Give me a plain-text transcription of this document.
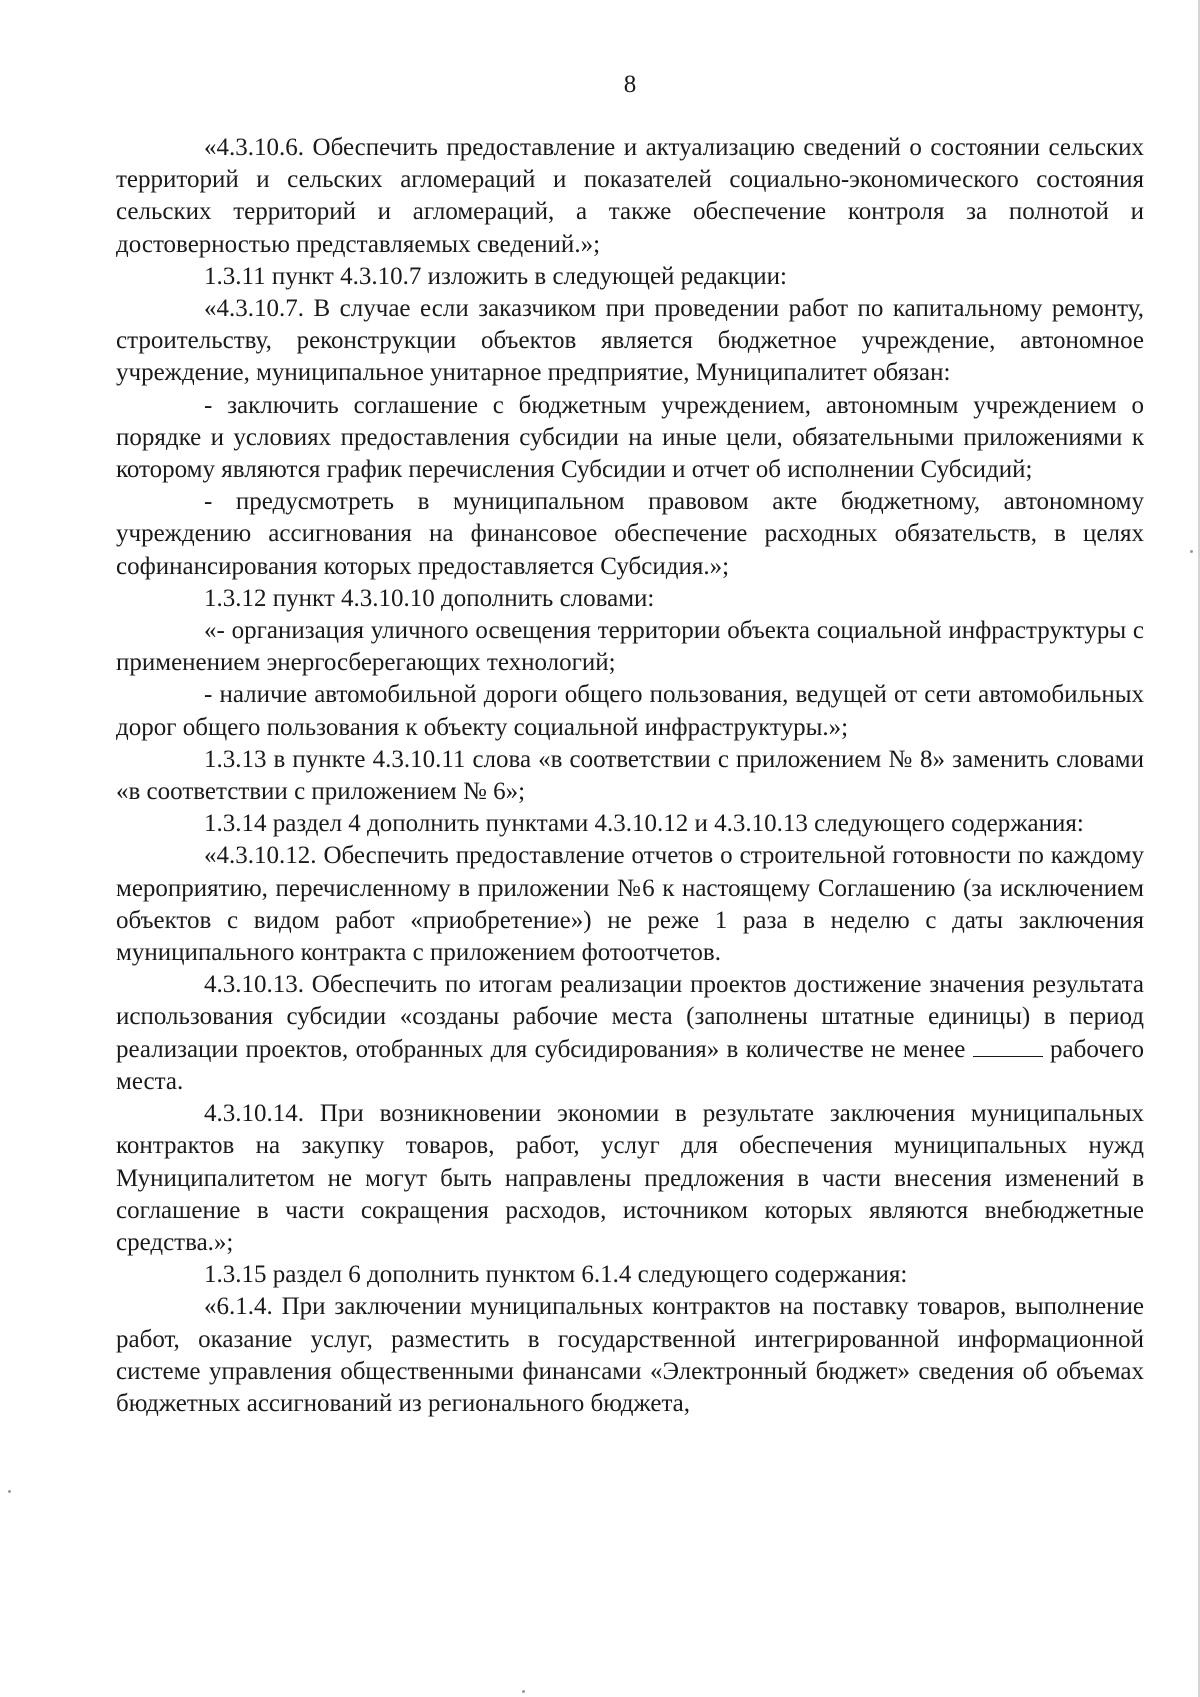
8

«4.3.10.6. Обеспечить предоставление и актуализацию сведений о состоянии сельских территорий и сельских агломераций и показателей социально-экономического состояния сельских территорий и агломераций, а также обеспечение контроля за полнотой и достоверностью представляемых сведений.»;

1.3.11 пункт 4.3.10.7 изложить в следующей редакции:

«4.3.10.7. В случае если заказчиком при проведении работ по капитальному ремонту, строительству, реконструкции объектов является бюджетное учреждение, автономное учреждение, муниципальное унитарное предприятие, Муниципалитет обязан:

- заключить соглашение с бюджетным учреждением, автономным учреждением о порядке и условиях предоставления субсидии на иные цели, обязательными приложениями к которому являются график перечисления Субсидии и отчет об исполнении Субсидий;

- предусмотреть в муниципальном правовом акте бюджетному, автономному учреждению ассигнования на финансовое обеспечение расходных обязательств, в целях софинансирования которых предоставляется Субсидия.»;

1.3.12 пункт 4.3.10.10 дополнить словами:

«- организация уличного освещения территории объекта социальной инфраструктуры с применением энергосберегающих технологий;

- наличие автомобильной дороги общего пользования, ведущей от сети автомобильных дорог общего пользования к объекту социальной инфраструктуры.»;

1.3.13 в пункте 4.3.10.11 слова «в соответствии с приложением № 8» заменить словами «в соответствии с приложением № 6»;

1.3.14 раздел 4 дополнить пунктами 4.3.10.12 и 4.3.10.13 следующего содержания:

«4.3.10.12. Обеспечить предоставление отчетов о строительной готовности по каждому мероприятию, перечисленному в приложении №6 к настоящему Соглашению (за исключением объектов с видом работ «приобретение») не реже 1 раза в неделю с даты заключения муниципального контракта с приложением фотоотчетов.

4.3.10.13. Обеспечить по итогам реализации проектов достижение значения результата использования субсидии «созданы рабочие места (заполнены штатные единицы) в период реализации проектов, отобранных для субсидирования» в количестве не менее	рабочего места.

4.3.10.14. При возникновении экономии в результате заключения муниципальных контрактов на закупку товаров, работ, услуг для обеспечения муниципальных нужд Муниципалитетом не могут быть направлены предложения в части внесения изменений в соглашение в части сокращения расходов, источником которых являются внебюджетные средства.»;

1.3.15 раздел 6 дополнить пунктом 6.1.4 следующего содержания:

«6.1.4. При заключении муниципальных контрактов на поставку товаров, выполнение работ, оказание услуг, разместить в государственной интегрированной информационной системе управления общественными финансами «Электронный бюджет» сведения об объемах бюджетных ассигнований из регионального бюджета,
